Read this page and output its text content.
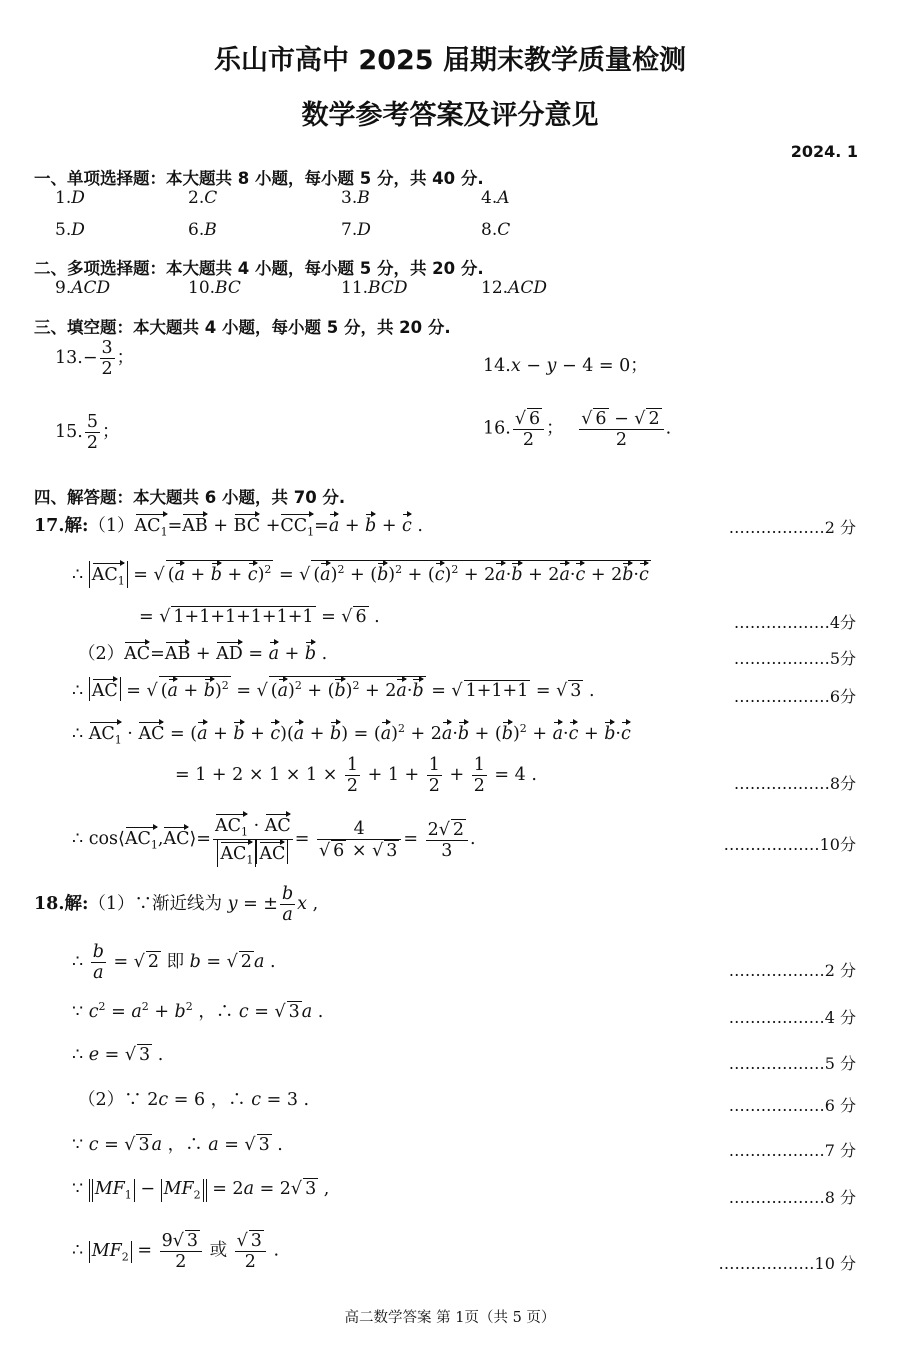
乐山市高中 2025 届期末教学质量检测
数学参考答案及评分意见
2024. 1
一、单项选择题：本大题共 8 小题，每小题 5 分，共 40 分.
1.D	2.C	3.B	4.A
5.D	6.B	7.D	8.C
二、多项选择题：本大题共 4 小题，每小题 5 分，共 20 分.
9.ACD	10.BC	11.BCD	12.ACD
三、填空题：本大题共 4 小题，每小题 5 分，共 20 分.
$13.- \frac{3}{2}$ ；	14.x − y − 4 = 0；
15. $\frac{5}{2}$ ；	16. $\frac{√ 6}{2}$ ； $\frac{√ 6 - √ 2}{2}$ .
四、解答题：本大题共 6 小题，共 70 分.
17.解$:(1)AC_1=AB$ + BC $+CC_1=a + b + c$ .	………………2 分
∴ $AC_1$ = √ $(a + b + c)^2$ = √ $(a)^2 + (b)^2 + (c)^2 + 2a\cdot b + 2a\cdot c + 2b\cdot c$
= √ 1+1+1+1+1+1 = √ 6 .	………………4分
（2）AC=AB + AD = a + b .	………………5分
∴ AC = √ $(a + b)^2$ = √ $(a)^2 + (b)^2 + 2a\cdot b$ = √ 1+1+1 = √ 3 .	………………6分
∴ $AC_1$ · AC = $(a + b + c)(a + b) = (a)^2 + 2a\cdot b + (b)^2 + a\cdot c + b\cdot c$
= $1 + 2 \times 1 \times 1 \times \frac{1}{2} + 1 + \frac{1}{2} + \frac{1}{2} = 4$ .	………………8分
∴ $\cos⟨AC_1,AC⟩= \frac{AC_1 \cdot AC}{AC_1 AC} = \frac{4}{√ 6 \times √ 3} = \frac{2√ 2}{3}$ .	………………10分
18.解:（1）∵渐近线为 y = ± $\frac{b}{a}$ x ,
∴ $\frac{b}{a}$ = √ 2 即 b = √ 2 a .	………………2 分
∵ $c^2 = a^2 + b^2$ ，∴ c = √ 3 a .	………………4 分
∴ e = √ 3 .	………………5 分
（2）∵ 2c = 6 ，∴ c = 3 .	………………6 分
∵ c = √ 3 a ，∴ a = √ 3 .	………………7 分
∵ $MF_1 - MF_2 = 2a = 2√$ 3 ,	………………8 分
∴ $MF_2 = \frac{9√ 3}{2}$ 或 $\frac{√ 3}{2}$ .
………………10 分
高二数学答案 第 1页（共 5 页）
